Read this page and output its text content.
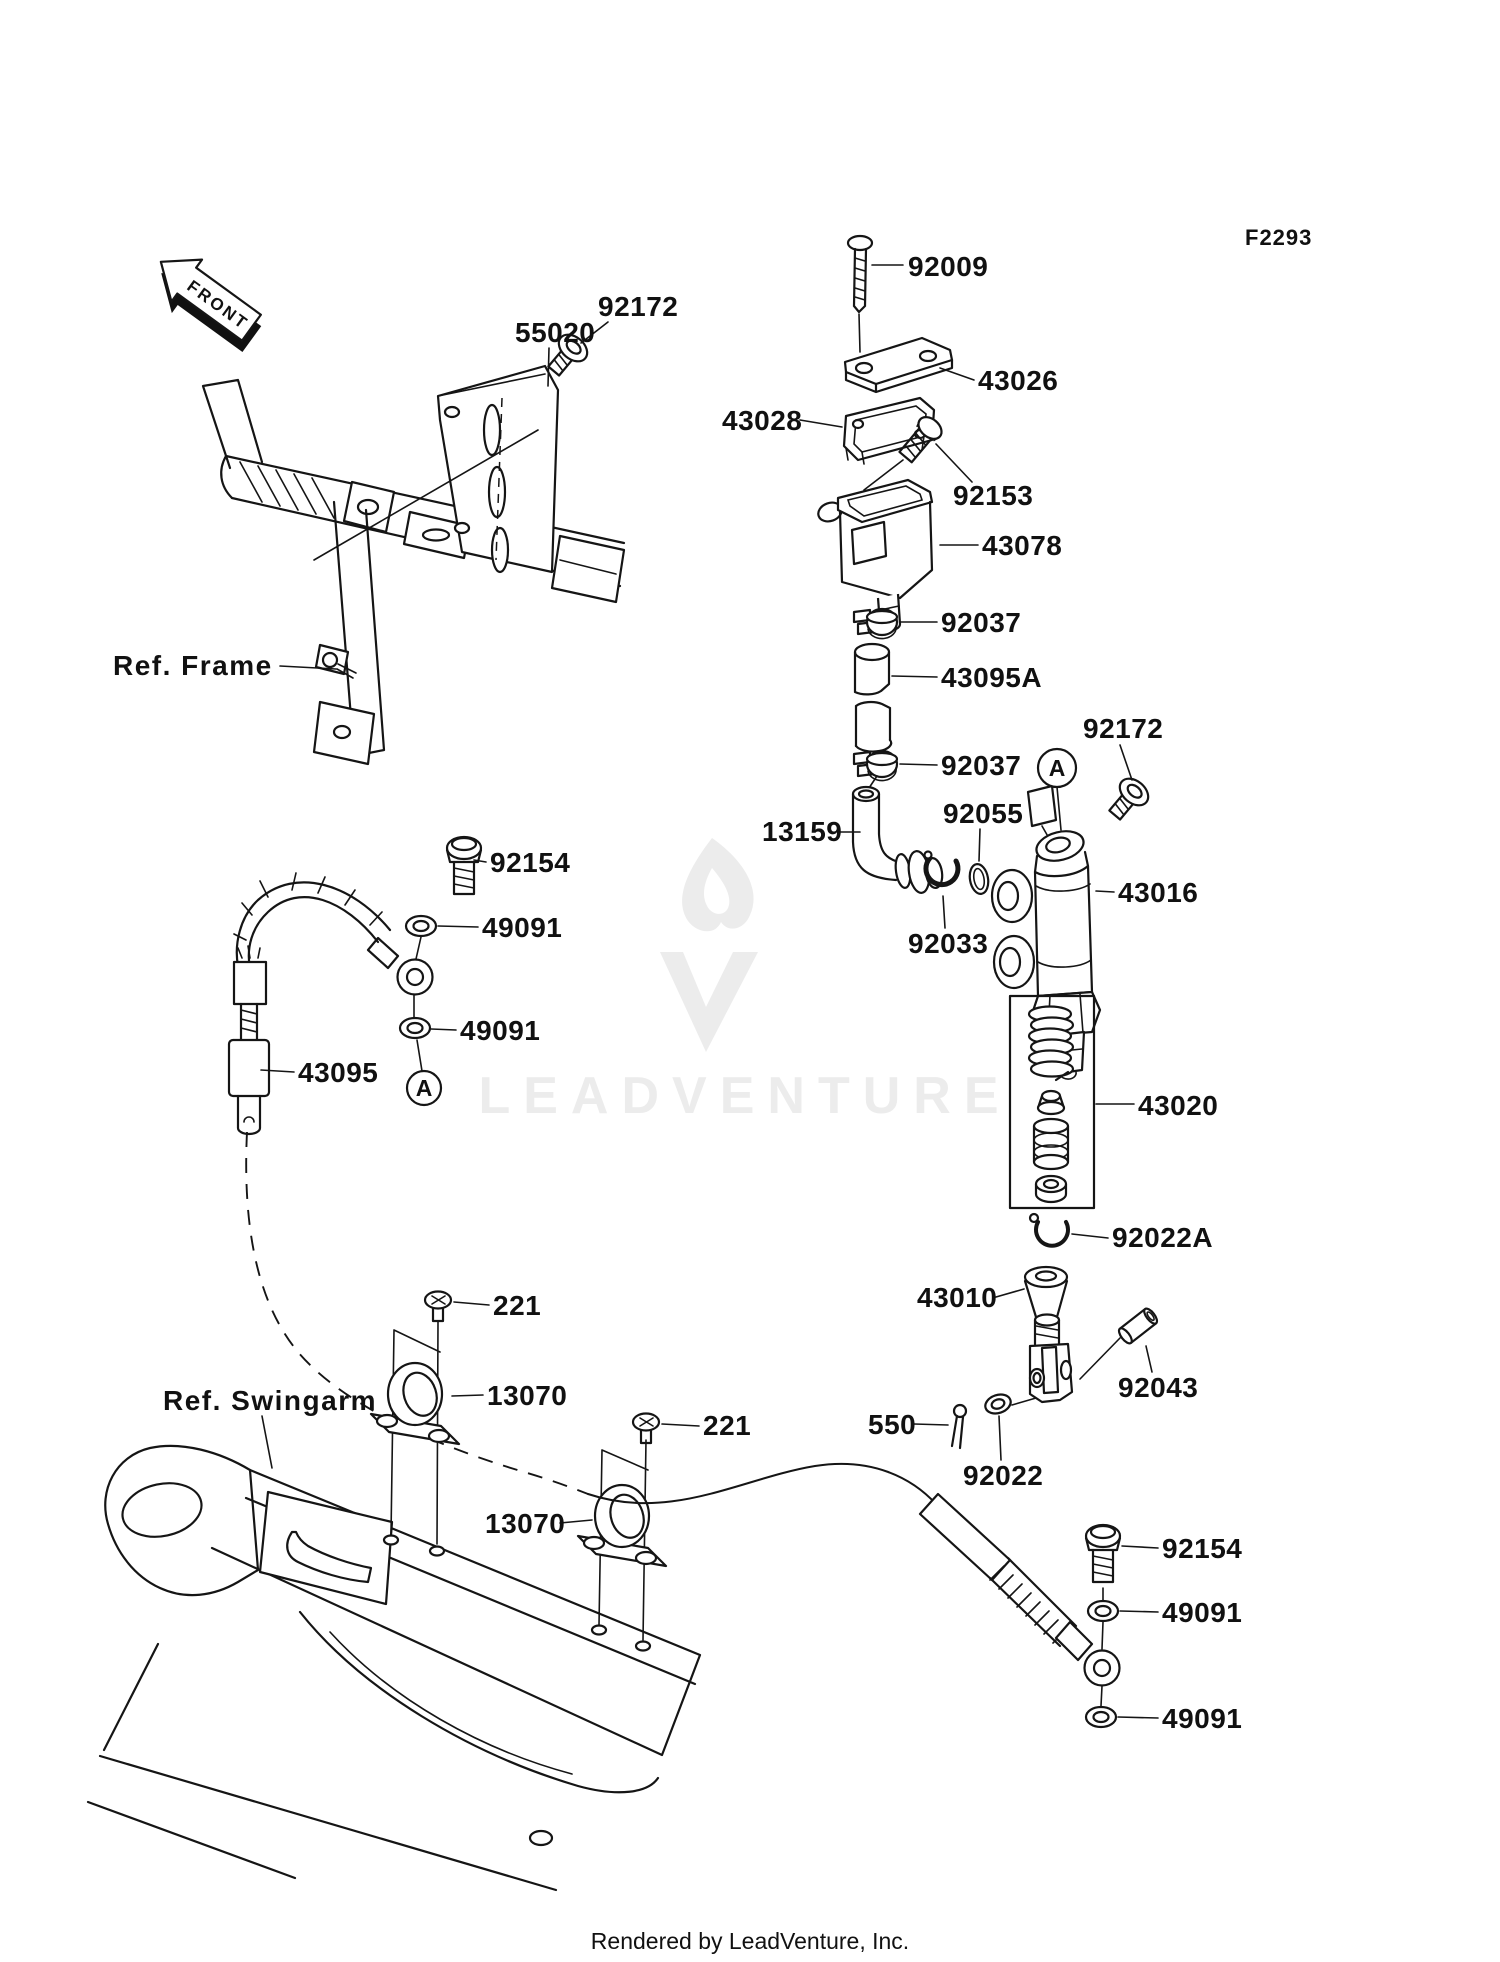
LEADVENTURE
F2293
FRONT
A
A
92009
92172
55020
43026
43028
92153
43078
92037
43095A
92037
92172
92055
13159
92033
43016
92154
49091
49091
43095
43020
92022A
43010
92043
550
92022
221
13070
221
13070
92154
49091
49091
Ref. Frame
Ref. Swingarm
Rendered by LeadVenture, Inc.
